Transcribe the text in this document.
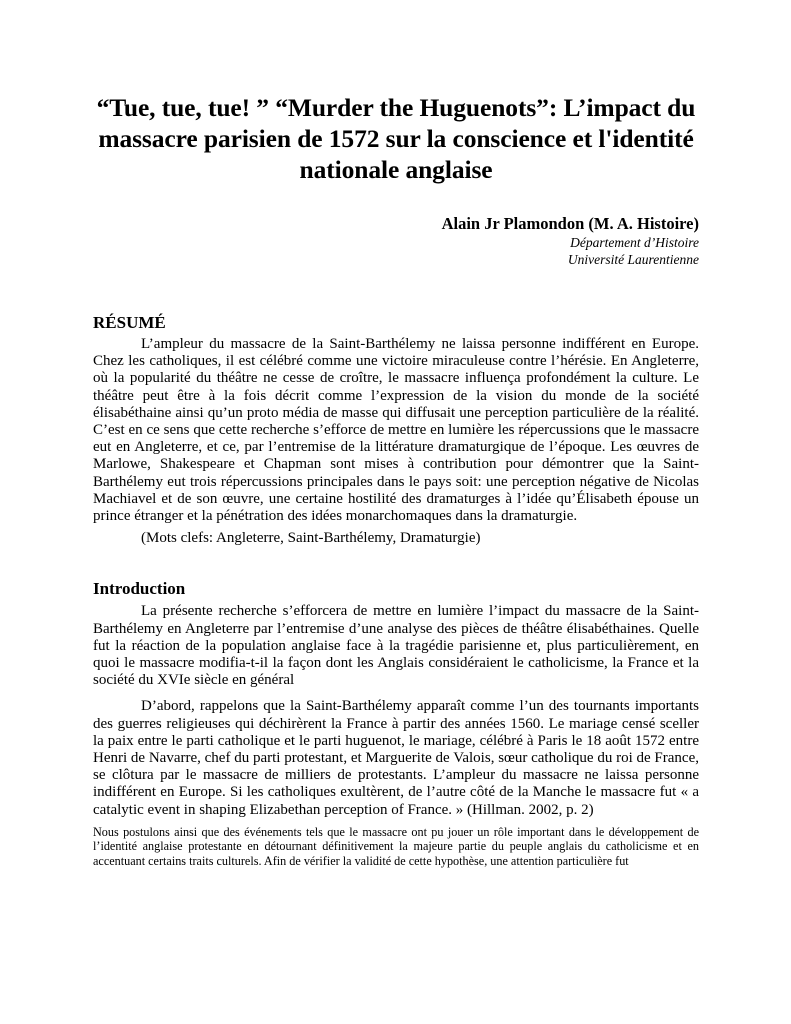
“Tue, tue, tue! ” “Murder the Huguenots”: L’impact du massacre parisien de 1572 sur la conscience et l'identité nationale anglaise
Alain Jr Plamondon (M. A. Histoire)
Département d’Histoire
Université Laurentienne
RÉSUMÉ

L’ampleur du massacre de la Saint-Barthélemy ne laissa personne indifférent en Europe. Chez les catholiques, il est célébré comme une victoire miraculeuse contre l’hérésie. En Angleterre, où la popularité du théâtre ne cesse de croître, le massacre influença profondément la culture. Le théâtre peut être à la fois décrit comme l’expression de la vision du monde de la société élisabéthaine ainsi qu’un proto média de masse qui diffusait une perception particulière de la réalité. C’est en ce sens que cette recherche s’efforce de mettre en lumière les répercussions que le massacre eut en Angleterre, et ce, par l’entremise de la littérature dramaturgique de l’époque. Les œuvres de Marlowe, Shakespeare et Chapman sont mises à contribution pour démontrer que la Saint-Barthélemy eut trois répercussions principales dans le pays soit: une perception négative de Nicolas Machiavel et de son œuvre, une certaine hostilité des dramaturges à l’idée qu’Élisabeth épouse un prince étranger et la pénétration des idées monarchomaques dans la dramaturgie.

(Mots clefs: Angleterre, Saint-Barthélemy, Dramaturgie)

Introduction

La présente recherche s’efforcera de mettre en lumière l’impact du massacre de la Saint-Barthélemy en Angleterre par l’entremise d’une analyse des pièces de théâtre élisabéthaines. Quelle fut la réaction de la population anglaise face à la tragédie parisienne et, plus particulièrement, en quoi le massacre modifia-t-il la façon dont les Anglais considéraient le catholicisme, la France et la société du XVIe siècle en général

D’abord, rappelons que la Saint-Barthélemy apparaît comme l’un des tournants importants des guerres religieuses qui déchirèrent la France à partir des années 1560. Le mariage censé sceller la paix entre le parti catholique et le parti huguenot, le mariage, célébré à Paris le 18 août 1572 entre Henri de Navarre, chef du parti protestant, et Marguerite de Valois, sœur catholique du roi de France, se clôtura par le massacre de milliers de protestants. L’ampleur du massacre ne laissa personne indifférent en Europe. Si les catholiques exultèrent, de l’autre côté de la Manche le massacre fut « a catalytic event in shaping Elizabethan perception of France. » (Hillman. 2002, p. 2)

Nous postulons ainsi que des événements tels que le massacre ont pu jouer un rôle important dans le développement de l’identité anglaise protestante en détournant définitivement la majeure partie du peuple anglais du catholicisme et en accentuant certains traits culturels. Afin de vérifier la validité de cette hypothèse, une attention particulière fut
